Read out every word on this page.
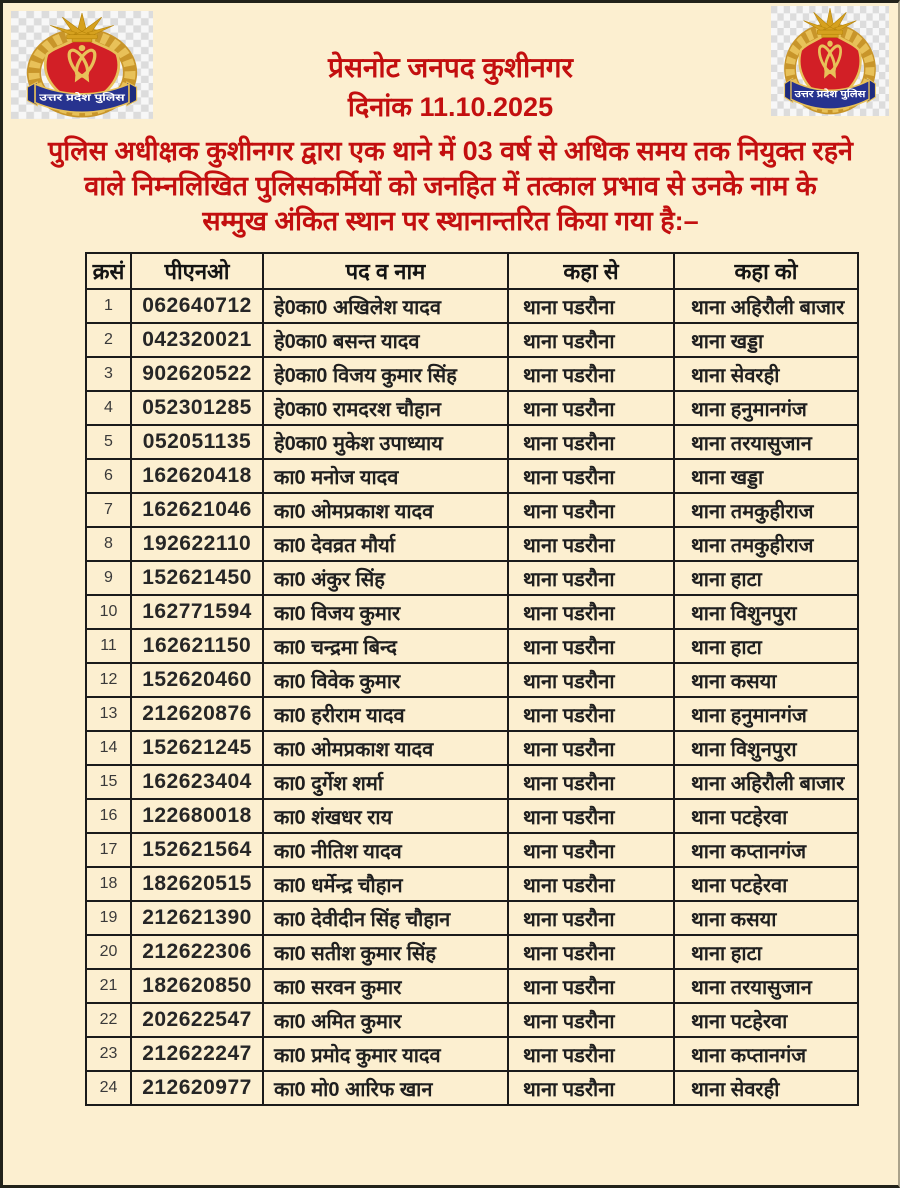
प्रेसनोट जनपद कुशीनगर
दिनांक 11.10.2025
पुलिस अधीक्षक कुशीनगर द्वारा एक थाने में 03 वर्ष से अधिक समय तक नियुक्त रहने
वाले निम्नलिखित पुलिसकर्मियों को जनहित में तत्काल प्रभाव से उनके नाम के
सम्मुख अंकित स्थान पर स्थानान्तरित किया गया है:–
क्रसं	पीएनओ	पद व नाम	कहा से	कहा को
1	062640712	हे0का0 अखिलेश यादव	थाना पडरौना	थाना अहिरौली बाजार
2	042320021	हे0का0 बसन्त यादव	थाना पडरौना	थाना खड्डा
3	902620522	हे0का0 विजय कुमार सिंह	थाना पडरौना	थाना सेवरही
4	052301285	हे0का0 रामदरश चौहान	थाना पडरौना	थाना हनुमानगंज
5	052051135	हे0का0 मुकेश उपाध्याय	थाना पडरौना	थाना तरयासुजान
6	162620418	का0 मनोज यादव	थाना पडरौना	थाना खड्डा
7	162621046	का0 ओमप्रकाश यादव	थाना पडरौना	थाना तमकुहीराज
8	192622110	का0 देवव्रत मौर्या	थाना पडरौना	थाना तमकुहीराज
9	152621450	का0 अंकुर सिंह	थाना पडरौना	थाना हाटा
10	162771594	का0 विजय कुमार	थाना पडरौना	थाना विशुनपुरा
11	162621150	का0 चन्द्रमा बिन्द	थाना पडरौना	थाना हाटा
12	152620460	का0 विवेक कुमार	थाना पडरौना	थाना कसया
13	212620876	का0 हरीराम यादव	थाना पडरौना	थाना हनुमानगंज
14	152621245	का0 ओमप्रकाश यादव	थाना पडरौना	थाना विशुनपुरा
15	162623404	का0 दुर्गेश शर्मा	थाना पडरौना	थाना अहिरौली बाजार
16	122680018	का0 शंखधर राय	थाना पडरौना	थाना पटहेरवा
17	152621564	का0 नीतिश यादव	थाना पडरौना	थाना कप्तानगंज
18	182620515	का0 धर्मेन्द्र चौहान	थाना पडरौना	थाना पटहेरवा
19	212621390	का0 देवीदीन सिंह चौहान	थाना पडरौना	थाना कसया
20	212622306	का0 सतीश कुमार सिंह	थाना पडरौना	थाना हाटा
21	182620850	का0 सरवन कुमार	थाना पडरौना	थाना तरयासुजान
22	202622547	का0 अमित कुमार	थाना पडरौना	थाना पटहेरवा
23	212622247	का0 प्रमोद कुमार यादव	थाना पडरौना	थाना कप्तानगंज
24	212620977	का0 मो0 आरिफ खान	थाना पडरौना	थाना सेवरही
